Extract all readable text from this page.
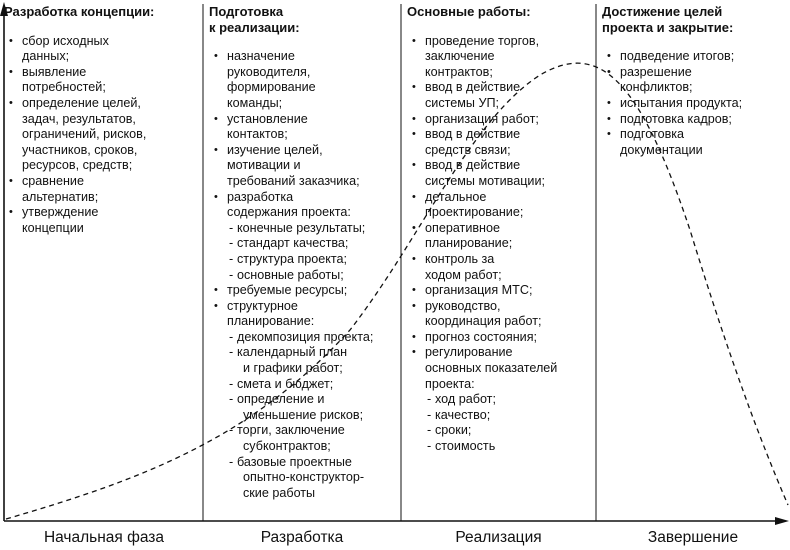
Разработка концепции:
• сбор исходных
данных;
• выявление
потребностей;
• определение целей,
задач, результатов,
ограничений, рисков,
участников, сроков,
ресурсов, средств;
• сравнение
альтернатив;
• утверждение
концепции
Подготовка
к реализации:
• назначение
руководителя,
формирование
команды;
• установление
контактов;
• изучение целей,
мотивации и
требований заказчика;
• разработка
содержания проекта:
- конечные результаты;
- стандарт качества;
- структура проекта;
- основные работы;
• требуемые ресурсы;
• структурное
планирование:
- декомпозиция проекта;
- календарный план
и графики работ;
- смета и бюджет;
- определение и
уменьшение рисков;
- торги, заключение
субконтрактов;
- базовые проектные
опытно-конструктор-
ские работы
Основные работы:
• проведение торгов,
заключение
контрактов;
• ввод в действие
системы УП;
• организация работ;
• ввод в действие
средств связи;
• ввод в действие
системы мотивации;
• детальное
проектирование;
• оперативное
планирование;
• контроль за
ходом работ;
• организация МТС;
• руководство,
координация работ;
• прогноз состояния;
• регулирование
основных показателей
проекта:
- ход работ;
- качество;
- сроки;
- стоимость
Достижение целей
проекта и закрытие:
• подведение итогов;
• разрешение
конфликтов;
• испытания продукта;
• подготовка кадров;
• подготовка
документации
Начальная фаза	Разработка	Реализация	Завершение
